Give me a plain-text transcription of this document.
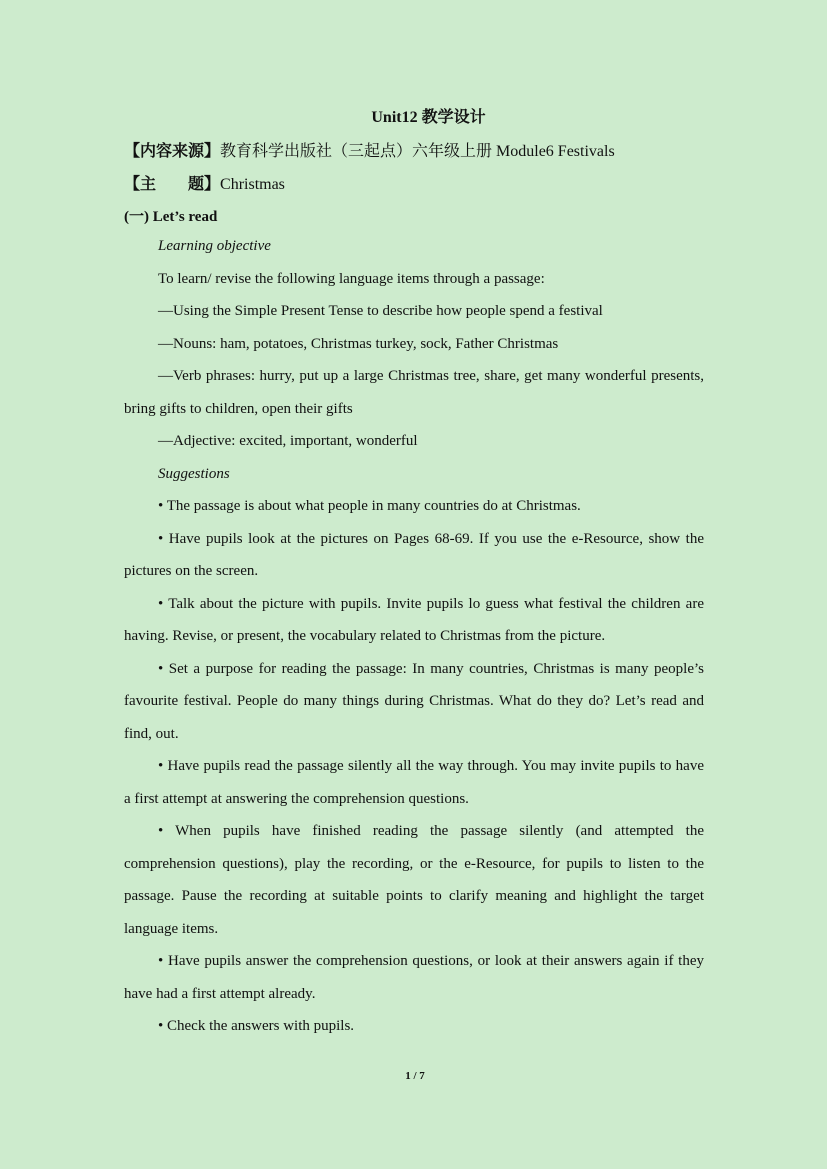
Unit12 教学设计
【内容来源】教育科学出版社（三起点）六年级上册 Module6 Festivals
【主　　题】Christmas
(一) Let’s read

Learning objective

To learn/ revise the following language items through a passage:

—Using the Simple Present Tense to describe how people spend a festival

—Nouns: ham, potatoes, Christmas turkey, sock, Father Christmas

—Verb phrases: hurry, put up a large Christmas tree, share, get many wonderful presents, bring gifts to children, open their gifts

—Adjective: excited, important, wonderful

Suggestions

• The passage is about what people in many countries do at Christmas.

• Have pupils look at the pictures on Pages 68-69. If you use the e-Resource, show the pictures on the screen.

• Talk about the picture with pupils. Invite pupils lo guess what festival the children are having. Revise, or present, the vocabulary related to Christmas from the picture.

• Set a purpose for reading the passage: In many countries, Christmas is many people’s favourite festival. People do many things during Christmas. What do they do? Let’s read and find, out.

• Have pupils read the passage silently all the way through. You may invite pupils to have a first attempt at answering the comprehension questions.

• When pupils have finished reading the passage silently (and attempted the comprehension questions), play the recording, or the e-Resource, for pupils to listen to the passage. Pause the recording at suitable points to clarify meaning and highlight the target language items.

• Have pupils answer the comprehension questions, or look at their answers again if they have had a first attempt already.

• Check the answers with pupils.

1 / 7
